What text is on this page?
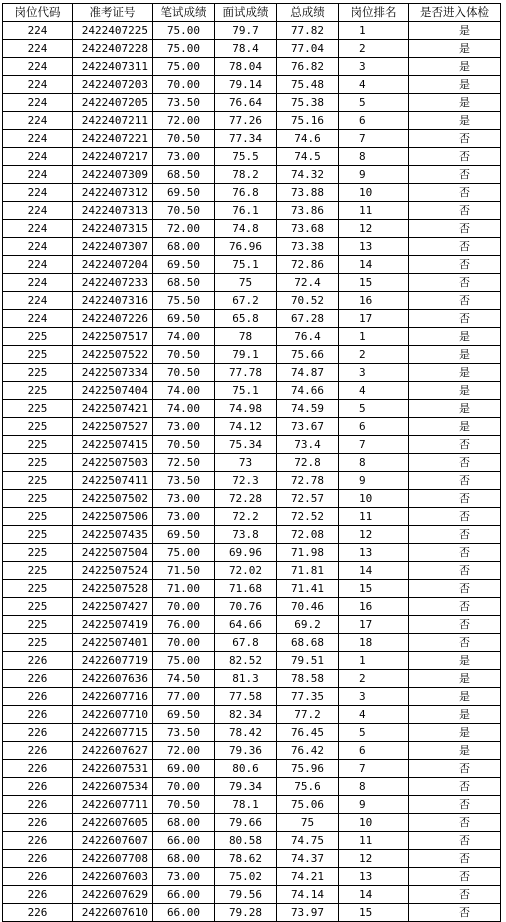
岗位代码	准考证号	笔试成绩	面试成绩	总成绩	岗位排名	是否进入体检
224	2422407225	75.00	79.7	77.82	1	是
224	2422407228	75.00	78.4	77.04	2	是
224	2422407311	75.00	78.04	76.82	3	是
224	2422407203	70.00	79.14	75.48	4	是
224	2422407205	73.50	76.64	75.38	5	是
224	2422407211	72.00	77.26	75.16	6	是
224	2422407221	70.50	77.34	74.6	7	否
224	2422407217	73.00	75.5	74.5	8	否
224	2422407309	68.50	78.2	74.32	9	否
224	2422407312	69.50	76.8	73.88	10	否
224	2422407313	70.50	76.1	73.86	11	否
224	2422407315	72.00	74.8	73.68	12	否
224	2422407307	68.00	76.96	73.38	13	否
224	2422407204	69.50	75.1	72.86	14	否
224	2422407233	68.50	75	72.4	15	否
224	2422407316	75.50	67.2	70.52	16	否
224	2422407226	69.50	65.8	67.28	17	否
225	2422507517	74.00	78	76.4	1	是
225	2422507522	70.50	79.1	75.66	2	是
225	2422507334	70.50	77.78	74.87	3	是
225	2422507404	74.00	75.1	74.66	4	是
225	2422507421	74.00	74.98	74.59	5	是
225	2422507527	73.00	74.12	73.67	6	是
225	2422507415	70.50	75.34	73.4	7	否
225	2422507503	72.50	73	72.8	8	否
225	2422507411	73.50	72.3	72.78	9	否
225	2422507502	73.00	72.28	72.57	10	否
225	2422507506	73.00	72.2	72.52	11	否
225	2422507435	69.50	73.8	72.08	12	否
225	2422507504	75.00	69.96	71.98	13	否
225	2422507524	71.50	72.02	71.81	14	否
225	2422507528	71.00	71.68	71.41	15	否
225	2422507427	70.00	70.76	70.46	16	否
225	2422507419	76.00	64.66	69.2	17	否
225	2422507401	70.00	67.8	68.68	18	否
226	2422607719	75.00	82.52	79.51	1	是
226	2422607636	74.50	81.3	78.58	2	是
226	2422607716	77.00	77.58	77.35	3	是
226	2422607710	69.50	82.34	77.2	4	是
226	2422607715	73.50	78.42	76.45	5	是
226	2422607627	72.00	79.36	76.42	6	是
226	2422607531	69.00	80.6	75.96	7	否
226	2422607534	70.00	79.34	75.6	8	否
226	2422607711	70.50	78.1	75.06	9	否
226	2422607605	68.00	79.66	75	10	否
226	2422607607	66.00	80.58	74.75	11	否
226	2422607708	68.00	78.62	74.37	12	否
226	2422607603	73.00	75.02	74.21	13	否
226	2422607629	66.00	79.56	74.14	14	否
226	2422607610	66.00	79.28	73.97	15	否
